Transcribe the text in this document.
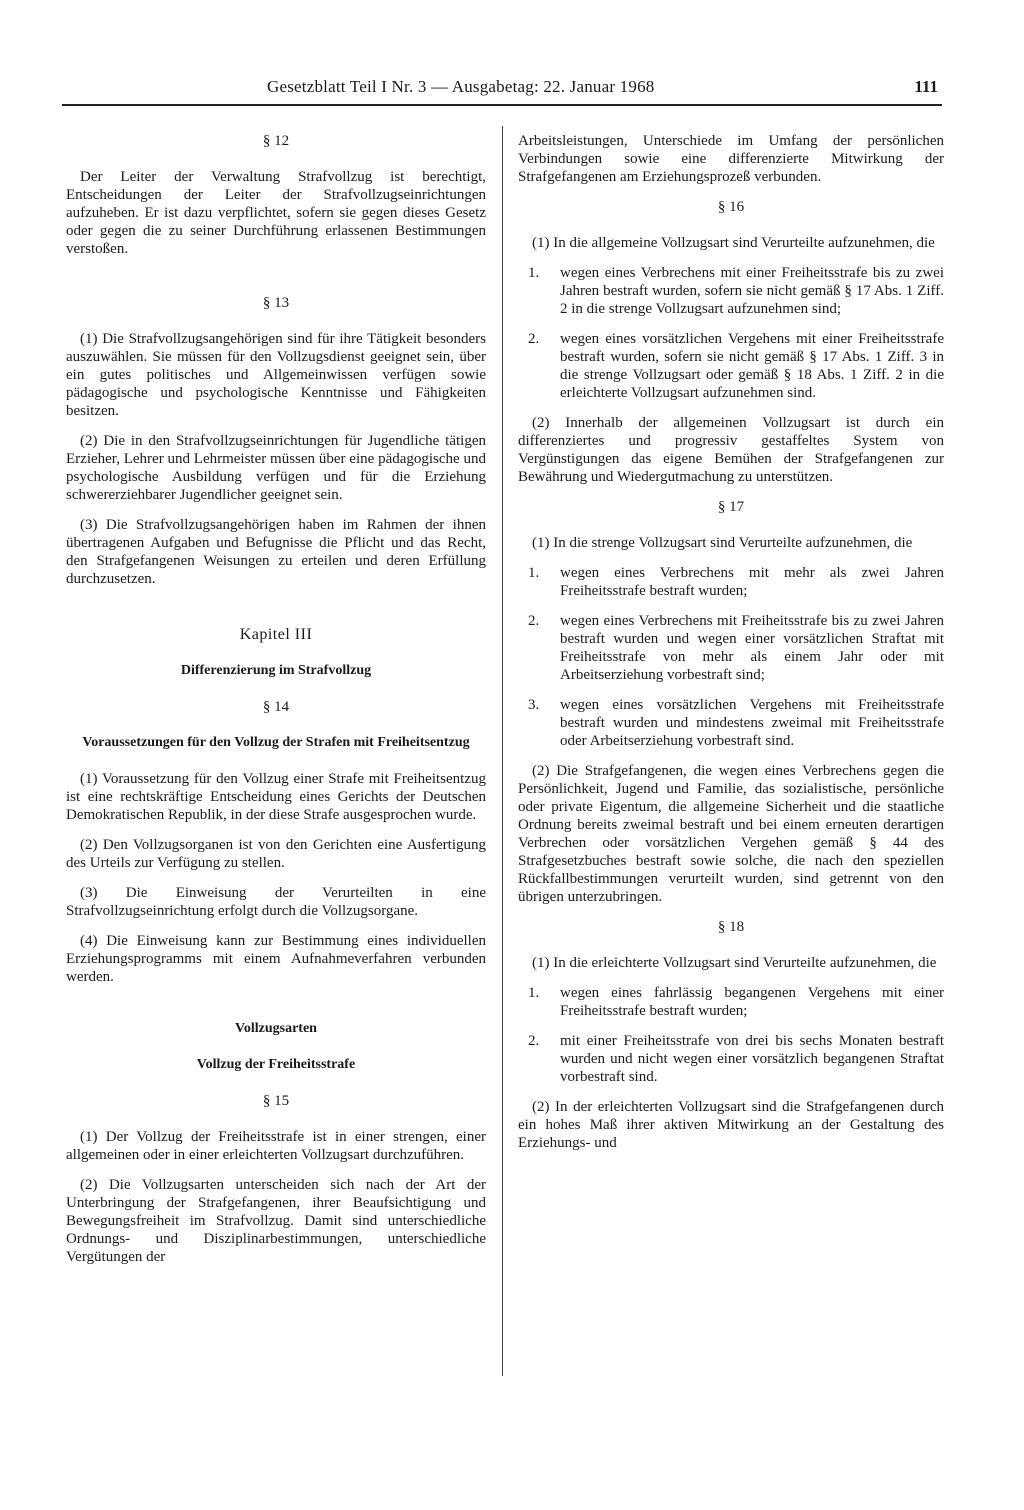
Gesetzblatt Teil I Nr. 3 — Ausgabetag: 22. Januar 1968	111
§ 12

Der Leiter der Verwaltung Strafvollzug ist berechtigt, Entscheidungen der Leiter der Strafvollzugseinrichtungen aufzuheben. Er ist dazu verpflichtet, sofern sie gegen dieses Gesetz oder gegen die zu seiner Durchführung erlassenen Bestimmungen verstoßen.

§ 13

(1) Die Strafvollzugsangehörigen sind für ihre Tätigkeit besonders auszuwählen. Sie müssen für den Vollzugsdienst geeignet sein, über ein gutes politisches und Allgemeinwissen verfügen sowie pädagogische und psychologische Kenntnisse und Fähigkeiten besitzen.

(2) Die in den Strafvollzugseinrichtungen für Jugendliche tätigen Erzieher, Lehrer und Lehrmeister müssen über eine pädagogische und psychologische Ausbildung verfügen und für die Erziehung schwererziehbarer Jugendlicher geeignet sein.

(3) Die Strafvollzugsangehörigen haben im Rahmen der ihnen übertragenen Aufgaben und Befugnisse die Pflicht und das Recht, den Strafgefangenen Weisungen zu erteilen und deren Erfüllung durchzusetzen.

Kapitel III
Differenzierung im Strafvollzug
§ 14
Voraussetzungen für den Vollzug der Strafen mit Freiheitsentzug

(1) Voraussetzung für den Vollzug einer Strafe mit Freiheitsentzug ist eine rechtskräftige Entscheidung eines Gerichts der Deutschen Demokratischen Republik, in der diese Strafe ausgesprochen wurde.

(2) Den Vollzugsorganen ist von den Gerichten eine Ausfertigung des Urteils zur Verfügung zu stellen.

(3) Die Einweisung der Verurteilten in eine Strafvollzugseinrichtung erfolgt durch die Vollzugsorgane.

(4) Die Einweisung kann zur Bestimmung eines individuellen Erziehungsprogramms mit einem Aufnahmeverfahren verbunden werden.

Vollzugsarten
Vollzug der Freiheitsstrafe
§ 15

(1) Der Vollzug der Freiheitsstrafe ist in einer strengen, einer allgemeinen oder in einer erleichterten Vollzugsart durchzuführen.

(2) Die Vollzugsarten unterscheiden sich nach der Art der Unterbringung der Strafgefangenen, ihrer Beaufsichtigung und Bewegungsfreiheit im Strafvollzug. Damit sind unterschiedliche Ordnungs- und Disziplinarbestimmungen, unterschiedliche Vergütungen der

Arbeitsleistungen, Unterschiede im Umfang der persönlichen Verbindungen sowie eine differenzierte Mitwirkung der Strafgefangenen am Erziehungsprozeß verbunden.

§ 16

(1) In die allgemeine Vollzugsart sind Verurteilte aufzunehmen, die

1.	wegen eines Verbrechens mit einer Freiheitsstrafe bis zu zwei Jahren bestraft wurden, sofern sie nicht gemäß § 17 Abs. 1 Ziff. 2 in die strenge Vollzugsart aufzunehmen sind;
2.	wegen eines vorsätzlichen Vergehens mit einer Freiheitsstrafe bestraft wurden, sofern sie nicht gemäß § 17 Abs. 1 Ziff. 3 in die strenge Vollzugsart oder gemäß § 18 Abs. 1 Ziff. 2 in die erleichterte Vollzugsart aufzunehmen sind.

(2) Innerhalb der allgemeinen Vollzugsart ist durch ein differenziertes und progressiv gestaffeltes System von Vergünstigungen das eigene Bemühen der Strafgefangenen zur Bewährung und Wiedergutmachung zu unterstützen.

§ 17

(1) In die strenge Vollzugsart sind Verurteilte aufzunehmen, die

1.	wegen eines Verbrechens mit mehr als zwei Jahren Freiheitsstrafe bestraft wurden;
2.	wegen eines Verbrechens mit Freiheitsstrafe bis zu zwei Jahren bestraft wurden und wegen einer vorsätzlichen Straftat mit Freiheitsstrafe von mehr als einem Jahr oder mit Arbeitserziehung vorbestraft sind;
3.	wegen eines vorsätzlichen Vergehens mit Freiheitsstrafe bestraft wurden und mindestens zweimal mit Freiheitsstrafe oder Arbeitserziehung vorbestraft sind.

(2) Die Strafgefangenen, die wegen eines Verbrechens gegen die Persönlichkeit, Jugend und Familie, das sozialistische, persönliche oder private Eigentum, die allgemeine Sicherheit und die staatliche Ordnung bereits zweimal bestraft und bei einem erneuten derartigen Verbrechen oder vorsätzlichen Vergehen gemäß § 44 des Strafgesetzbuches bestraft sowie solche, die nach den speziellen Rückfallbestimmungen verurteilt wurden, sind getrennt von den übrigen unterzubringen.

§ 18

(1) In die erleichterte Vollzugsart sind Verurteilte aufzunehmen, die

1.	wegen eines fahrlässig begangenen Vergehens mit einer Freiheitsstrafe bestraft wurden;
2.	mit einer Freiheitsstrafe von drei bis sechs Monaten bestraft wurden und nicht wegen einer vorsätzlich begangenen Straftat vorbestraft sind.

(2) In der erleichterten Vollzugsart sind die Strafgefangenen durch ein hohes Maß ihrer aktiven Mitwirkung an der Gestaltung des Erziehungs- und
